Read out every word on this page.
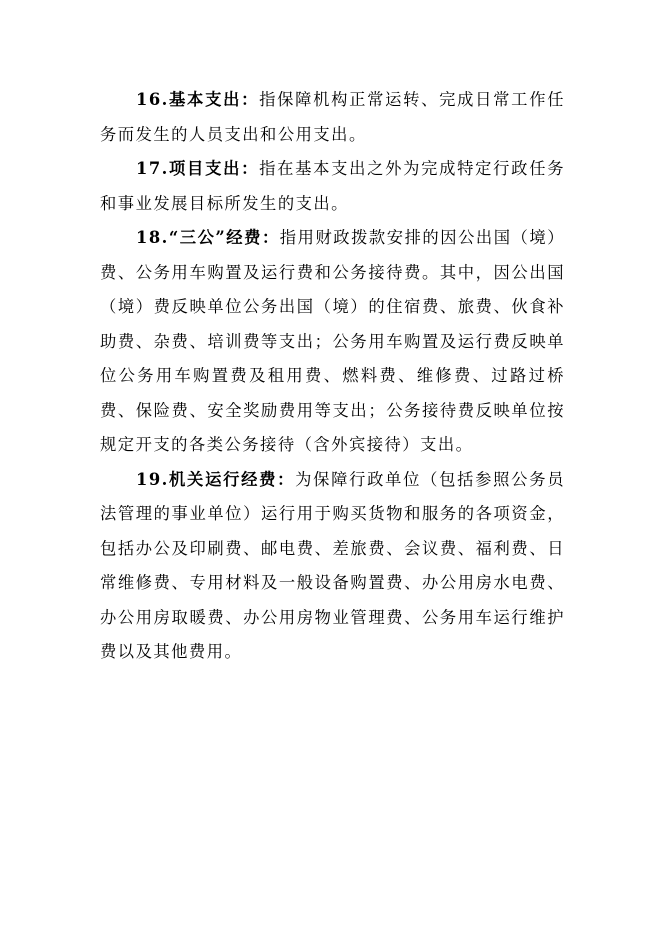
16.基本支出：指保障机构正常运转、完成日常工作任务而发生的人员支出和公用支出。

17.项目支出：指在基本支出之外为完成特定行政任务和事业发展目标所发生的支出。

18.“三公”经费：指用财政拨款安排的因公出国（境）费、公务用车购置及运行费和公务接待费。其中，因公出国（境）费反映单位公务出国（境）的住宿费、旅费、伙食补助费、杂费、培训费等支出；公务用车购置及运行费反映单位公务用车购置费及租用费、燃料费、维修费、过路过桥费、保险费、安全奖励费用等支出；公务接待费反映单位按规定开支的各类公务接待（含外宾接待）支出。

19.机关运行经费：为保障行政单位（包括参照公务员法管理的事业单位）运行用于购买货物和服务的各项资金，包括办公及印刷费、邮电费、差旅费、会议费、福利费、日常维修费、专用材料及一般设备购置费、办公用房水电费、办公用房取暖费、办公用房物业管理费、公务用车运行维护费以及其他费用。
